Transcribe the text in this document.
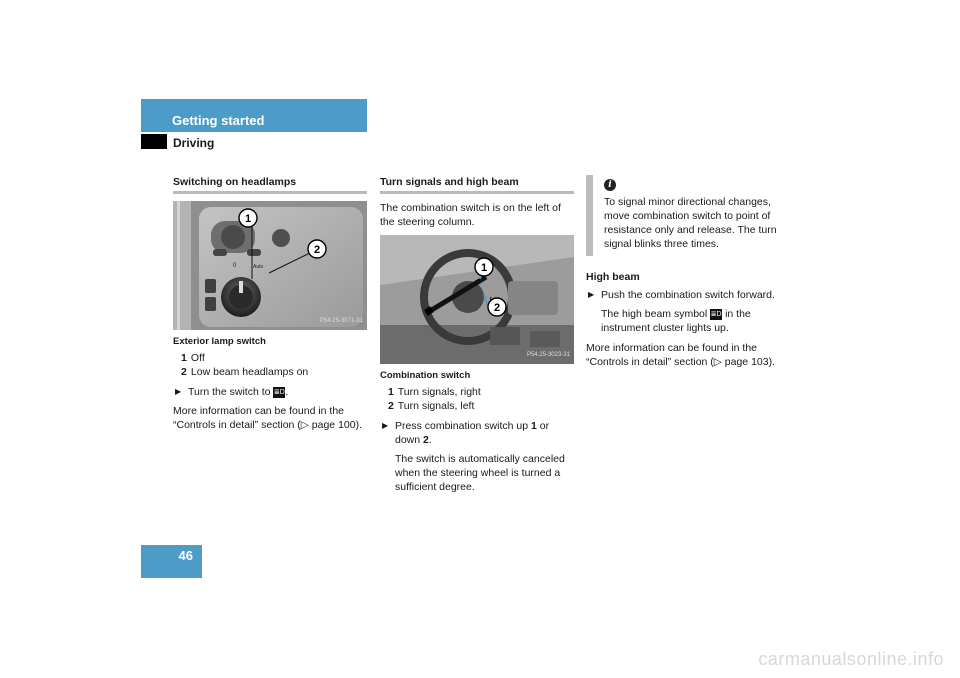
Getting started
Driving
Switching on headlamps
0	Auto
1
2
P54.25-3071-31
Exterior lamp switch
1 Off
2 Low beam headlamps on
▶ Turn the switch to ≣D.
More information can be found in the “Controls in detail” section (▷ page 100).
Turn signals and high beam
The combination switch is on the left of the steering column.
1
2
P54.25-3023-31
Combination switch
1 Turn signals, right
2 Turn signals, left
▶ Press combination switch up 1 or down 2.
The switch is automatically canceled when the steering wheel is turned a sufficient degree.
i
To signal minor directional changes, move combination switch to point of resistance only and release. The turn signal blinks three times.
High beam
▶ Push the combination switch forward.
The high beam symbol ≣D in the instrument cluster lights up.
More information can be found in the “Controls in detail” section (▷ page 103).
46
carmanualsonline.info
